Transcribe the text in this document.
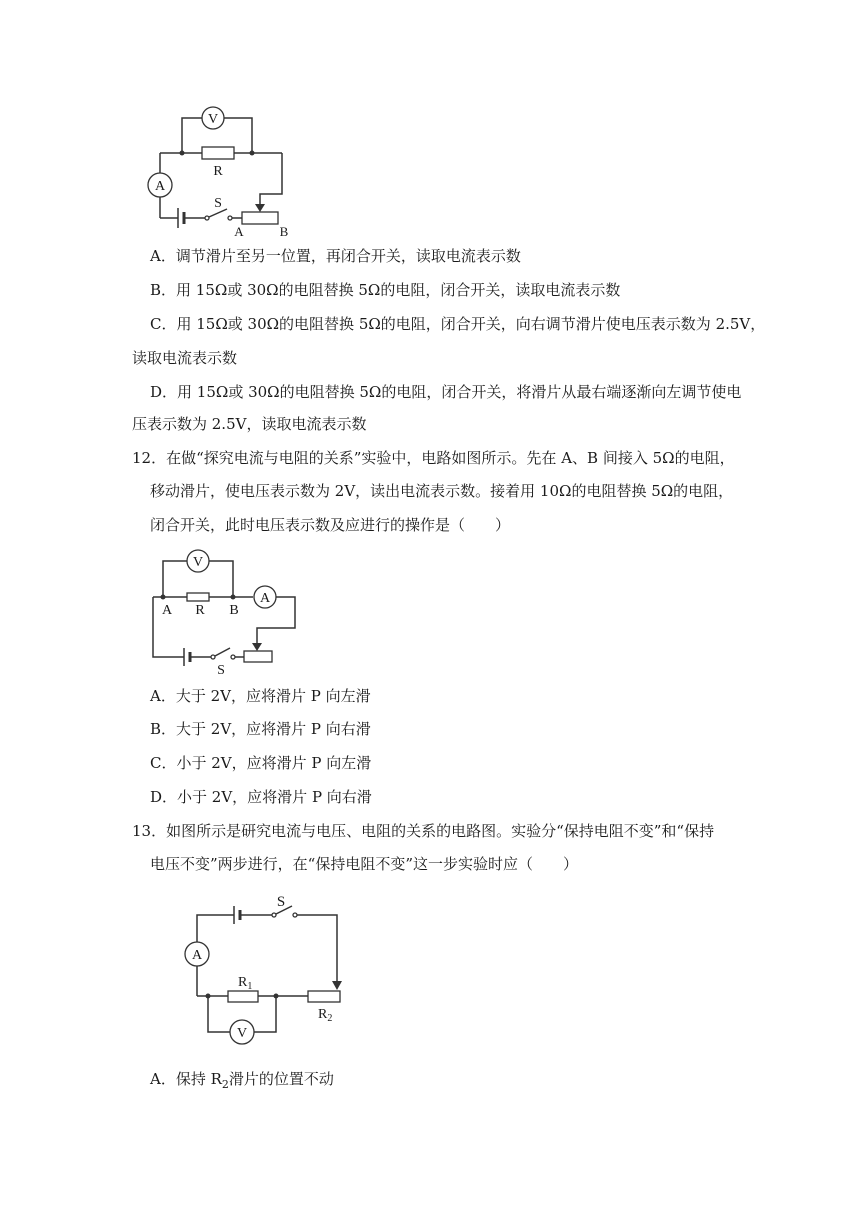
V
R
A
S
A	B
A．调节滑片至另一位置，再闭合开关，读取电流表示数
B．用 15Ω或 30Ω的电阻替换 5Ω的电阻，闭合开关，读取电流表示数
C．用 15Ω或 30Ω的电阻替换 5Ω的电阻，闭合开关，向右调节滑片使电压表示数为 2.5V，
读取电流表示数
D．用 15Ω或 30Ω的电阻替换 5Ω的电阻，闭合开关，将滑片从最右端逐渐向左调节使电
压表示数为 2.5V，读取电流表示数
12．在做“探究电流与电阻的关系”实验中，电路如图所示。先在 A、B 间接入 5Ω的电阻，
移动滑片，使电压表示数为 2V，读出电流表示数。接着用 10Ω的电阻替换 5Ω的电阻，
闭合开关，此时电压表示数及应进行的操作是（　　）
V
A R B
A
S
A．大于 2V，应将滑片 P 向左滑
B．大于 2V，应将滑片 P 向右滑
C．小于 2V，应将滑片 P 向左滑
D．小于 2V，应将滑片 P 向右滑
13．如图所示是研究电流与电压、电阻的关系的电路图。实验分“保持电阻不变”和“保持
电压不变”两步进行，在“保持电阻不变”这一步实验时应（　　）
S
A
$R_1$
$R_2$
V
A．保持 $R_2$滑片的位置不动
